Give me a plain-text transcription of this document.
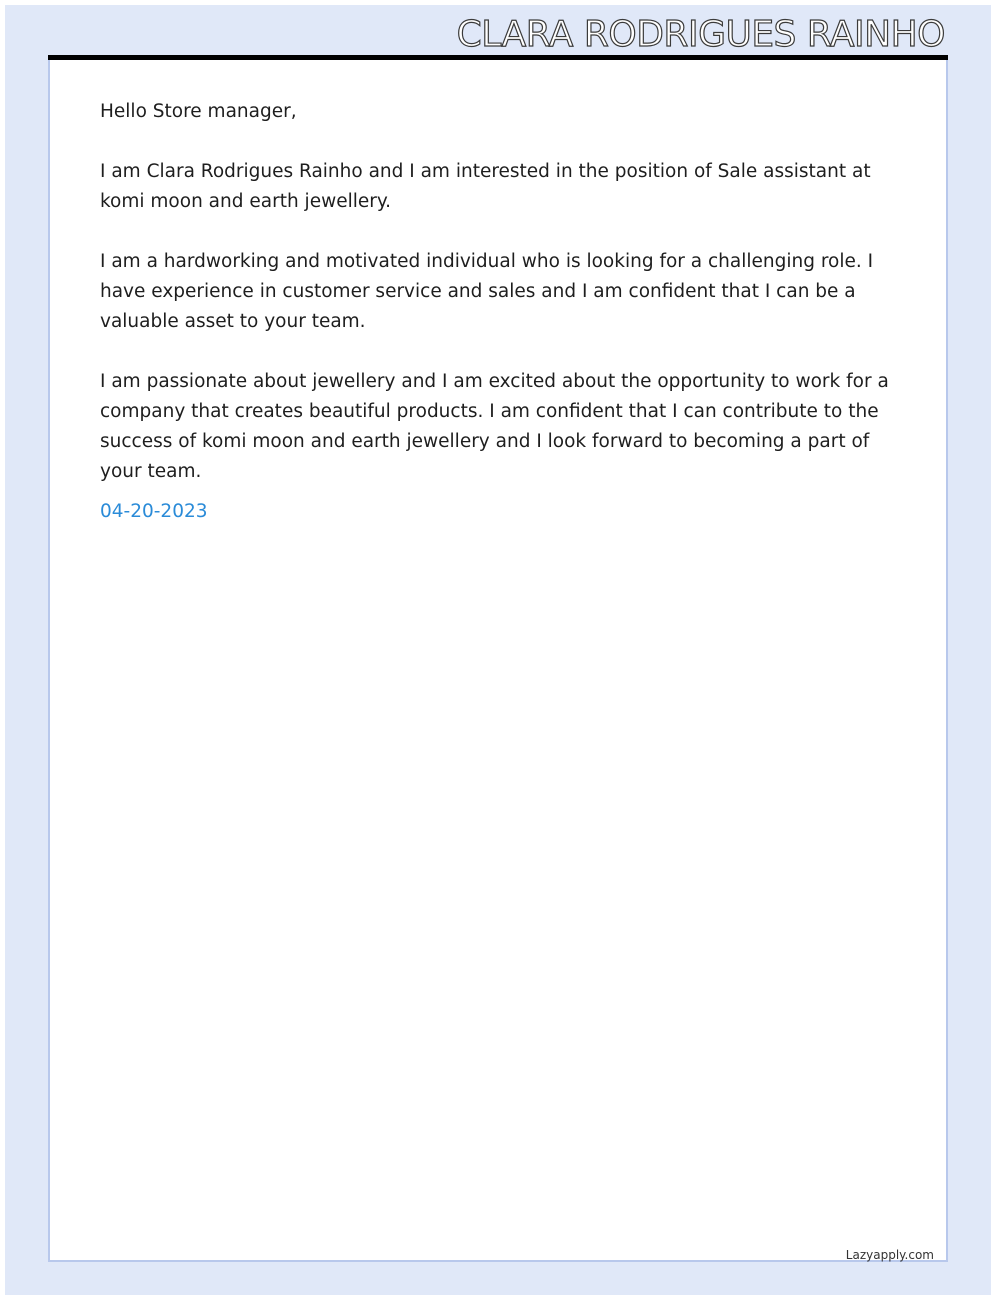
CLARA RODRIGUES RAINHO

Hello Store manager,

I am Clara Rodrigues Rainho and I am interested in the position of Sale assistant at komi moon and earth jewellery.

I am a hardworking and motivated individual who is looking for a challenging role. I have experience in customer service and sales and I am confident that I can be a valuable asset to your team.

I am passionate about jewellery and I am excited about the opportunity to work for a company that creates beautiful products. I am confident that I can contribute to the success of komi moon and earth jewellery and I look forward to becoming a part of your team.

04-20-2023

Lazyapply.com
